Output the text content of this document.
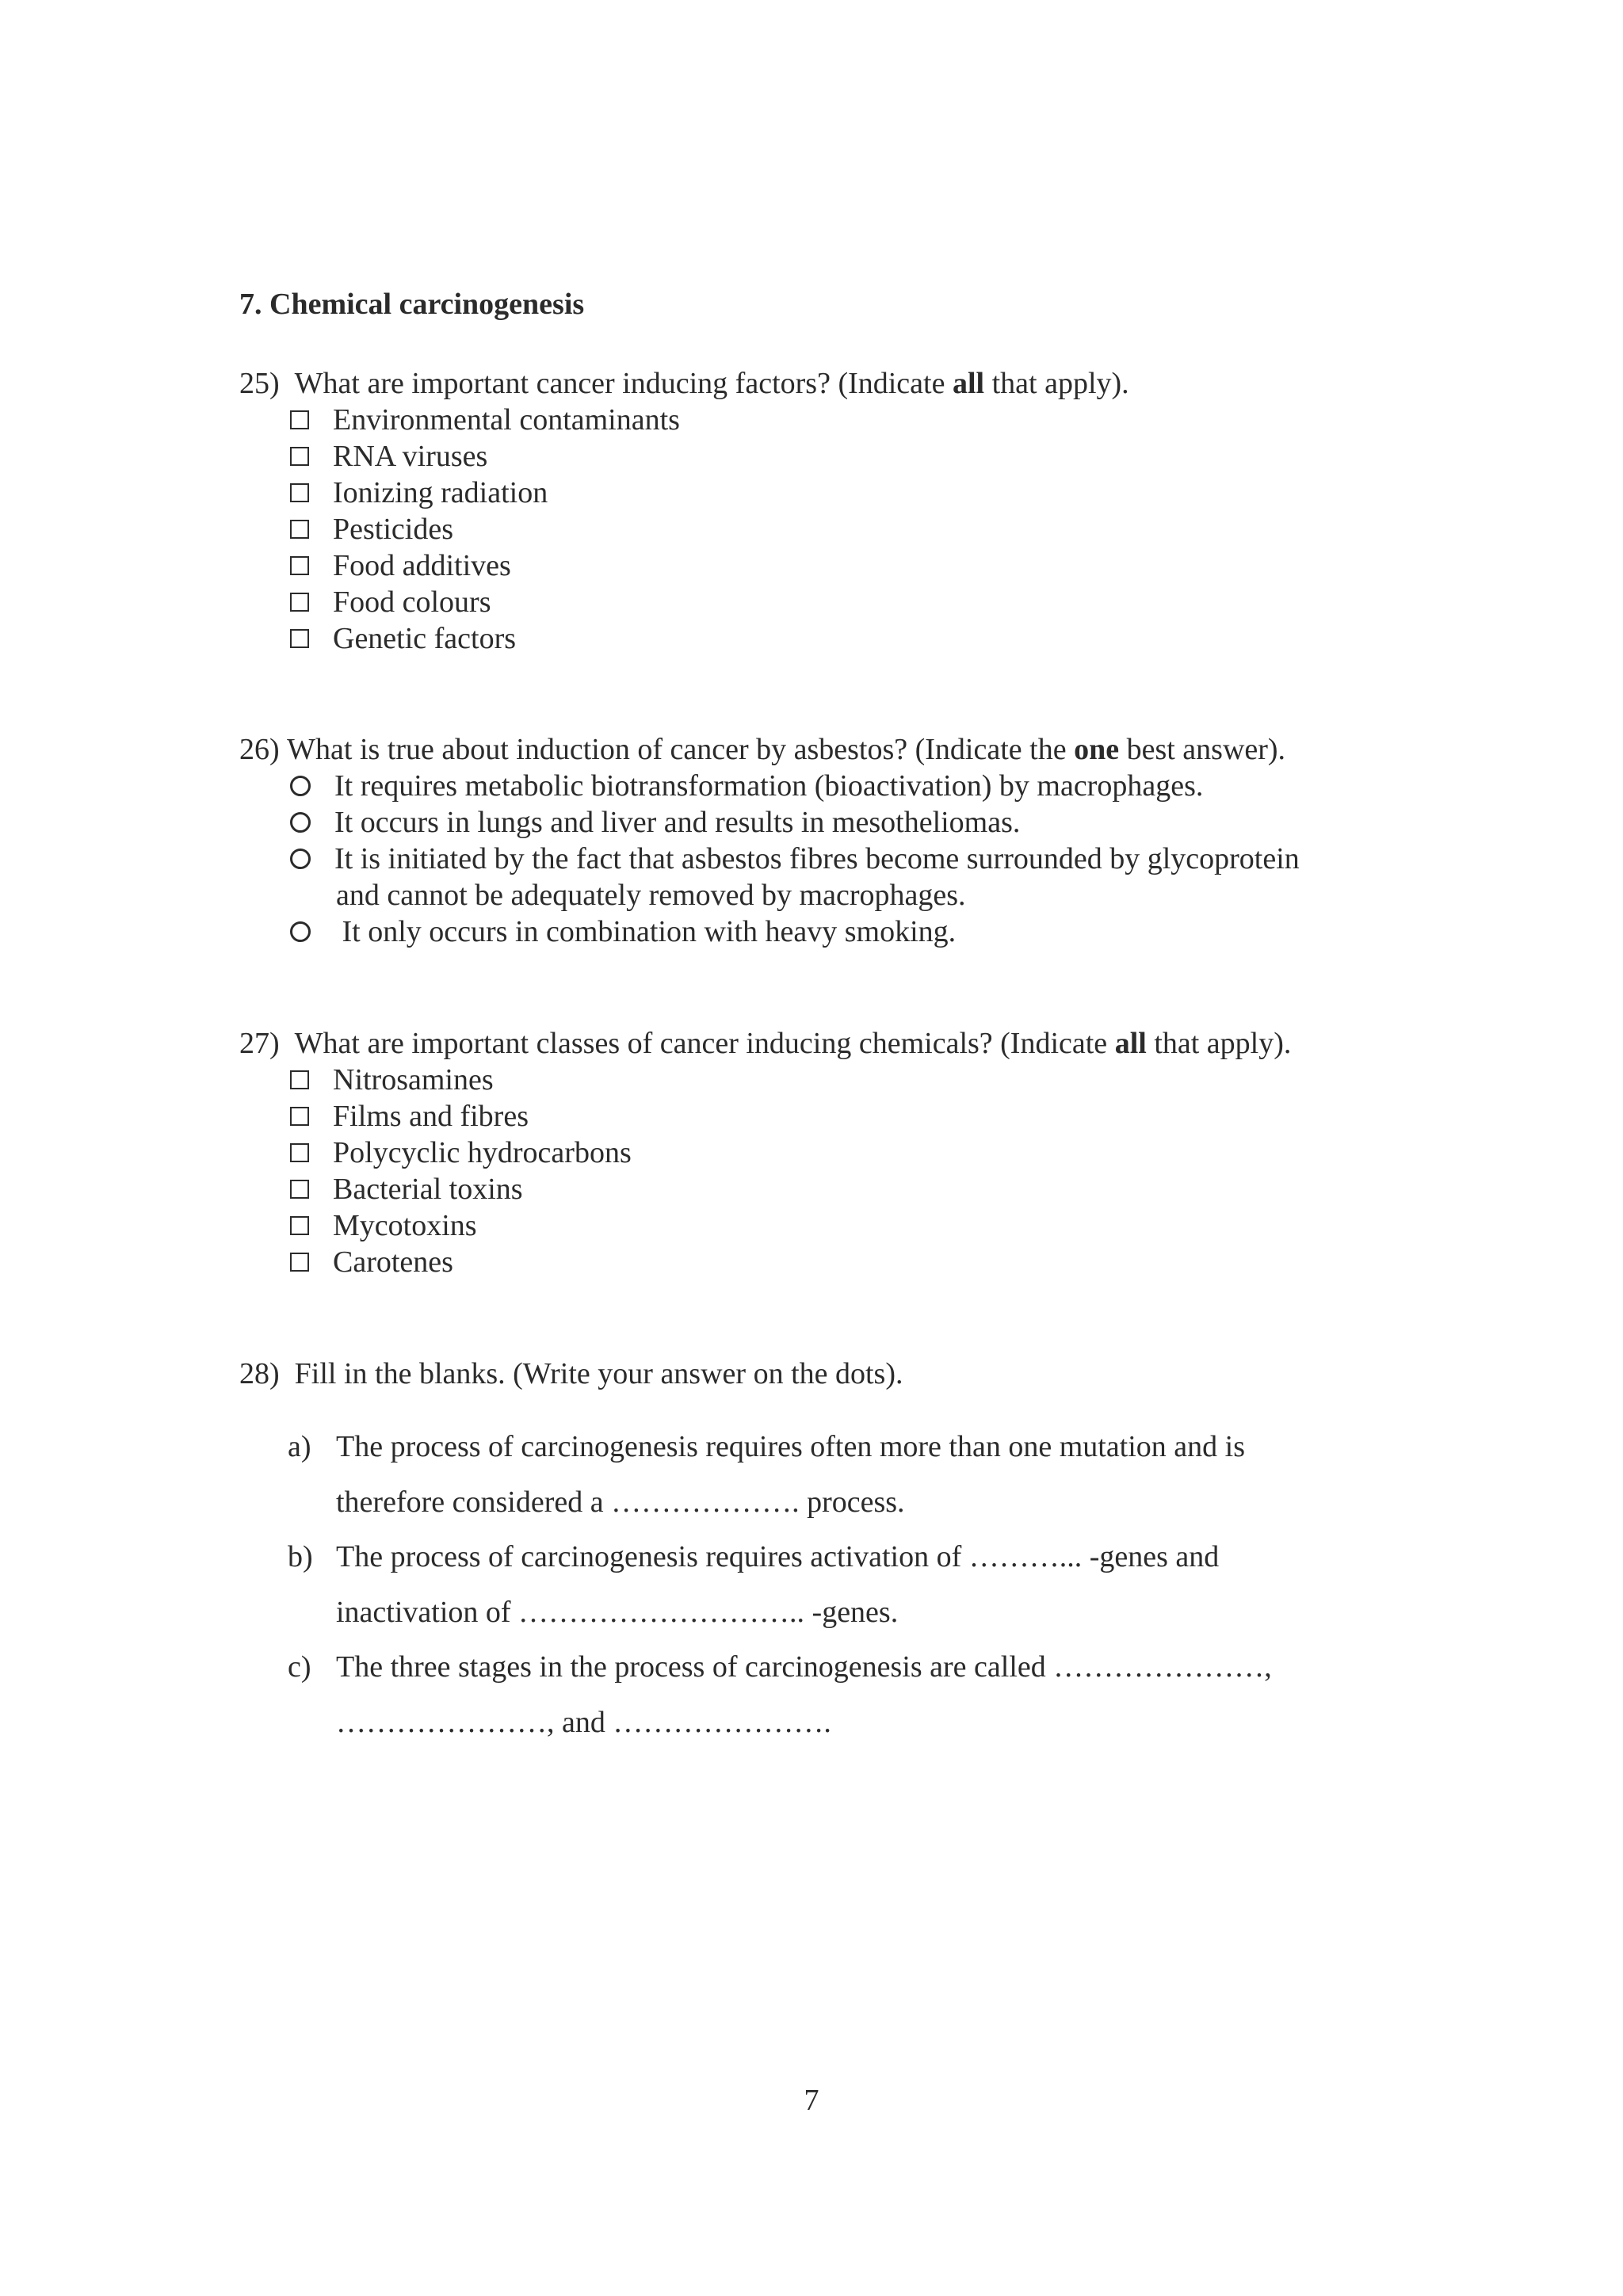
7. Chemical carcinogenesis
25) What are important cancer inducing factors? (Indicate all that apply).
Environmental contaminants
RNA viruses
Ionizing radiation
Pesticides
Food additives
Food colours
Genetic factors
26) What is true about induction of cancer by asbestos? (Indicate the one best answer).
It requires metabolic biotransformation (bioactivation) by macrophages.
It occurs in lungs and liver and results in mesotheliomas.
It is initiated by the fact that asbestos fibres become surrounded by glycoprotein
and cannot be adequately removed by macrophages.
It only occurs in combination with heavy smoking.
27) What are important classes of cancer inducing chemicals? (Indicate all that apply).
Nitrosamines
Films and fibres
Polycyclic hydrocarbons
Bacterial toxins
Mycotoxins
Carotenes
28) Fill in the blanks. (Write your answer on the dots).
a) The process of carcinogenesis requires often more than one mutation and is
therefore considered a ………………. process.
b) The process of carcinogenesis requires activation of ………... -genes and
inactivation of ……………………….. -genes.
c) The three stages in the process of carcinogenesis are called …………………,
…………………, and ………………….
7
